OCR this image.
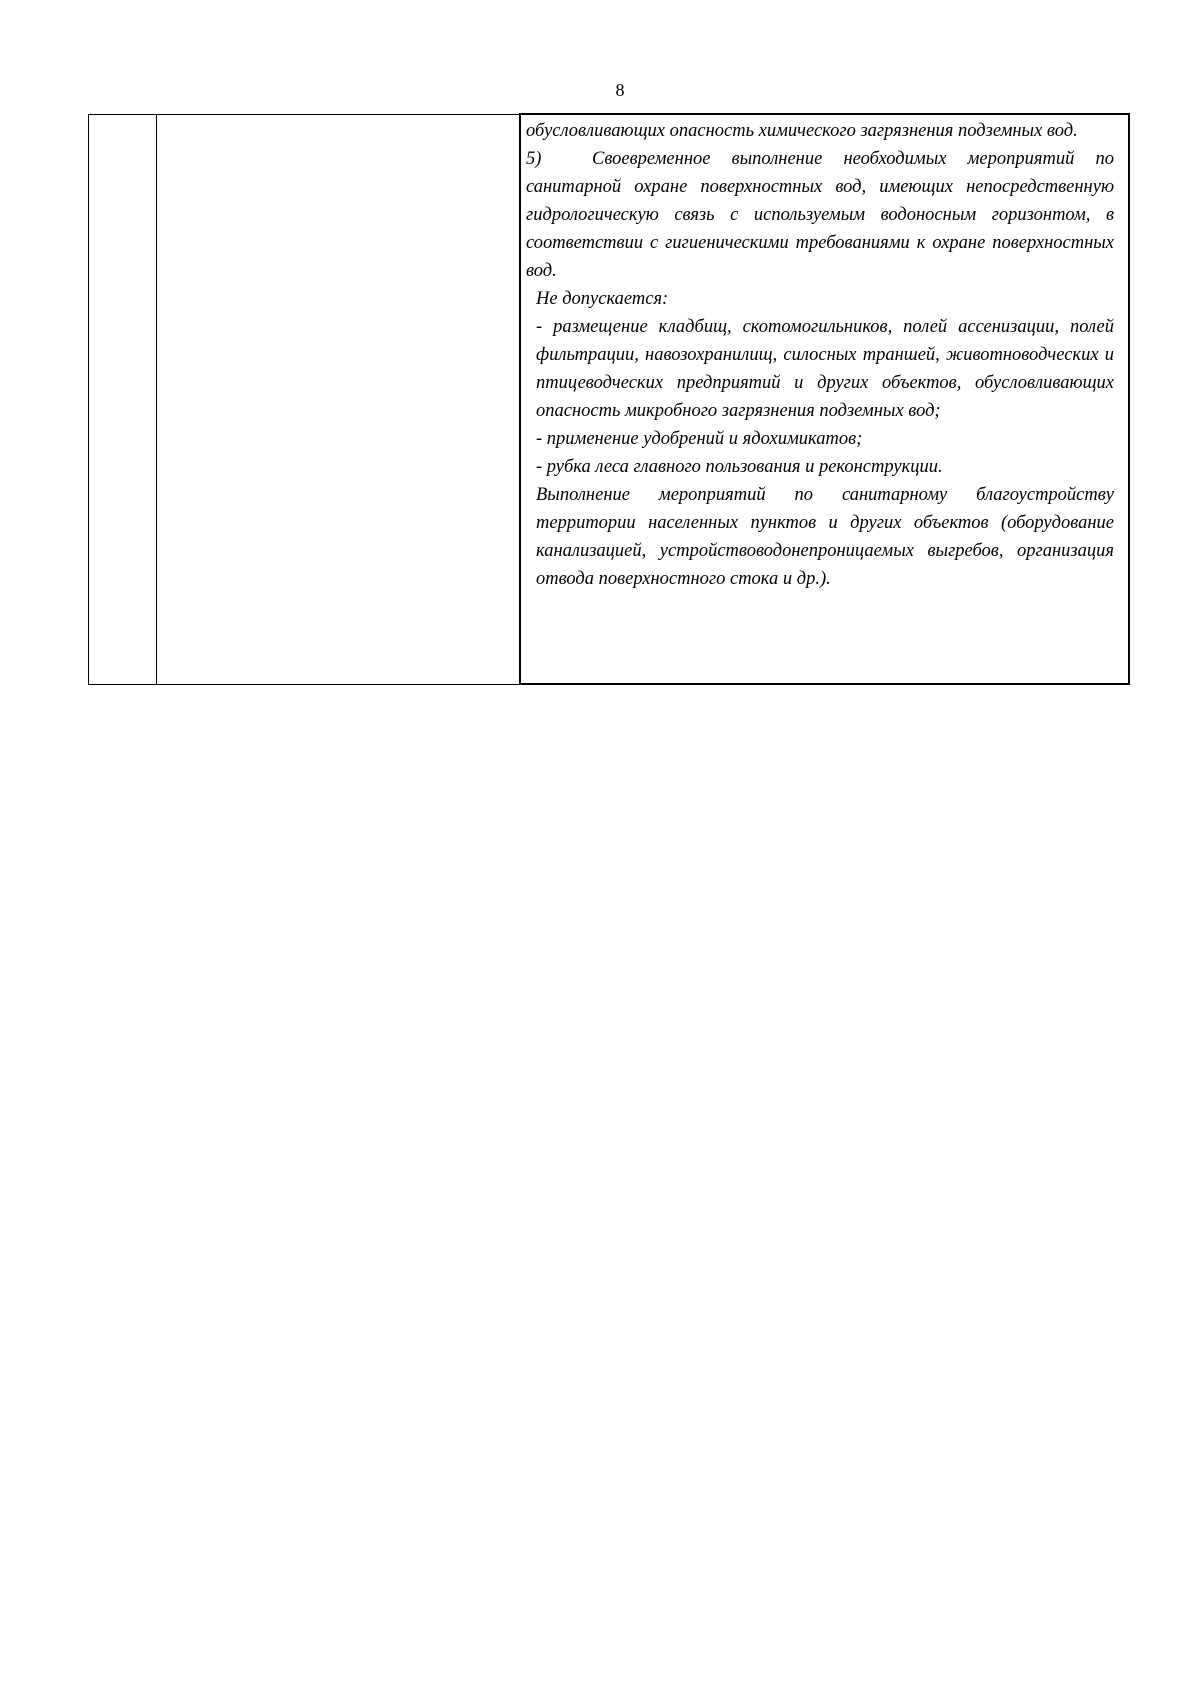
8

обусловливающих опасность химического загрязнения подземных вод.

5)	Своевременное выполнение необходимых мероприятий по санитарной охране поверхностных вод, имеющих непосредственную гидрологическую связь с используемым водоносным горизонтом, в соответствии с гигиеническими требованиями к охране поверхностных вод.

Не допускается:

- размещение кладбищ, скотомогильников, полей ассенизации, полей фильтрации, навозохранилищ, силосных траншей, животноводческих и птицеводческих предприятий и других объектов, обусловливающих опасность микробного загрязнения подземных вод;

- применение удобрений и ядохимикатов;

- рубка леса главного пользования и реконструкции.

Выполнение мероприятий по санитарному благоустройству территории населенных пунктов и других объектов (оборудование канализацией, устройствоводонепроницаемых выгребов, организация отвода поверхностного стока и др.).
